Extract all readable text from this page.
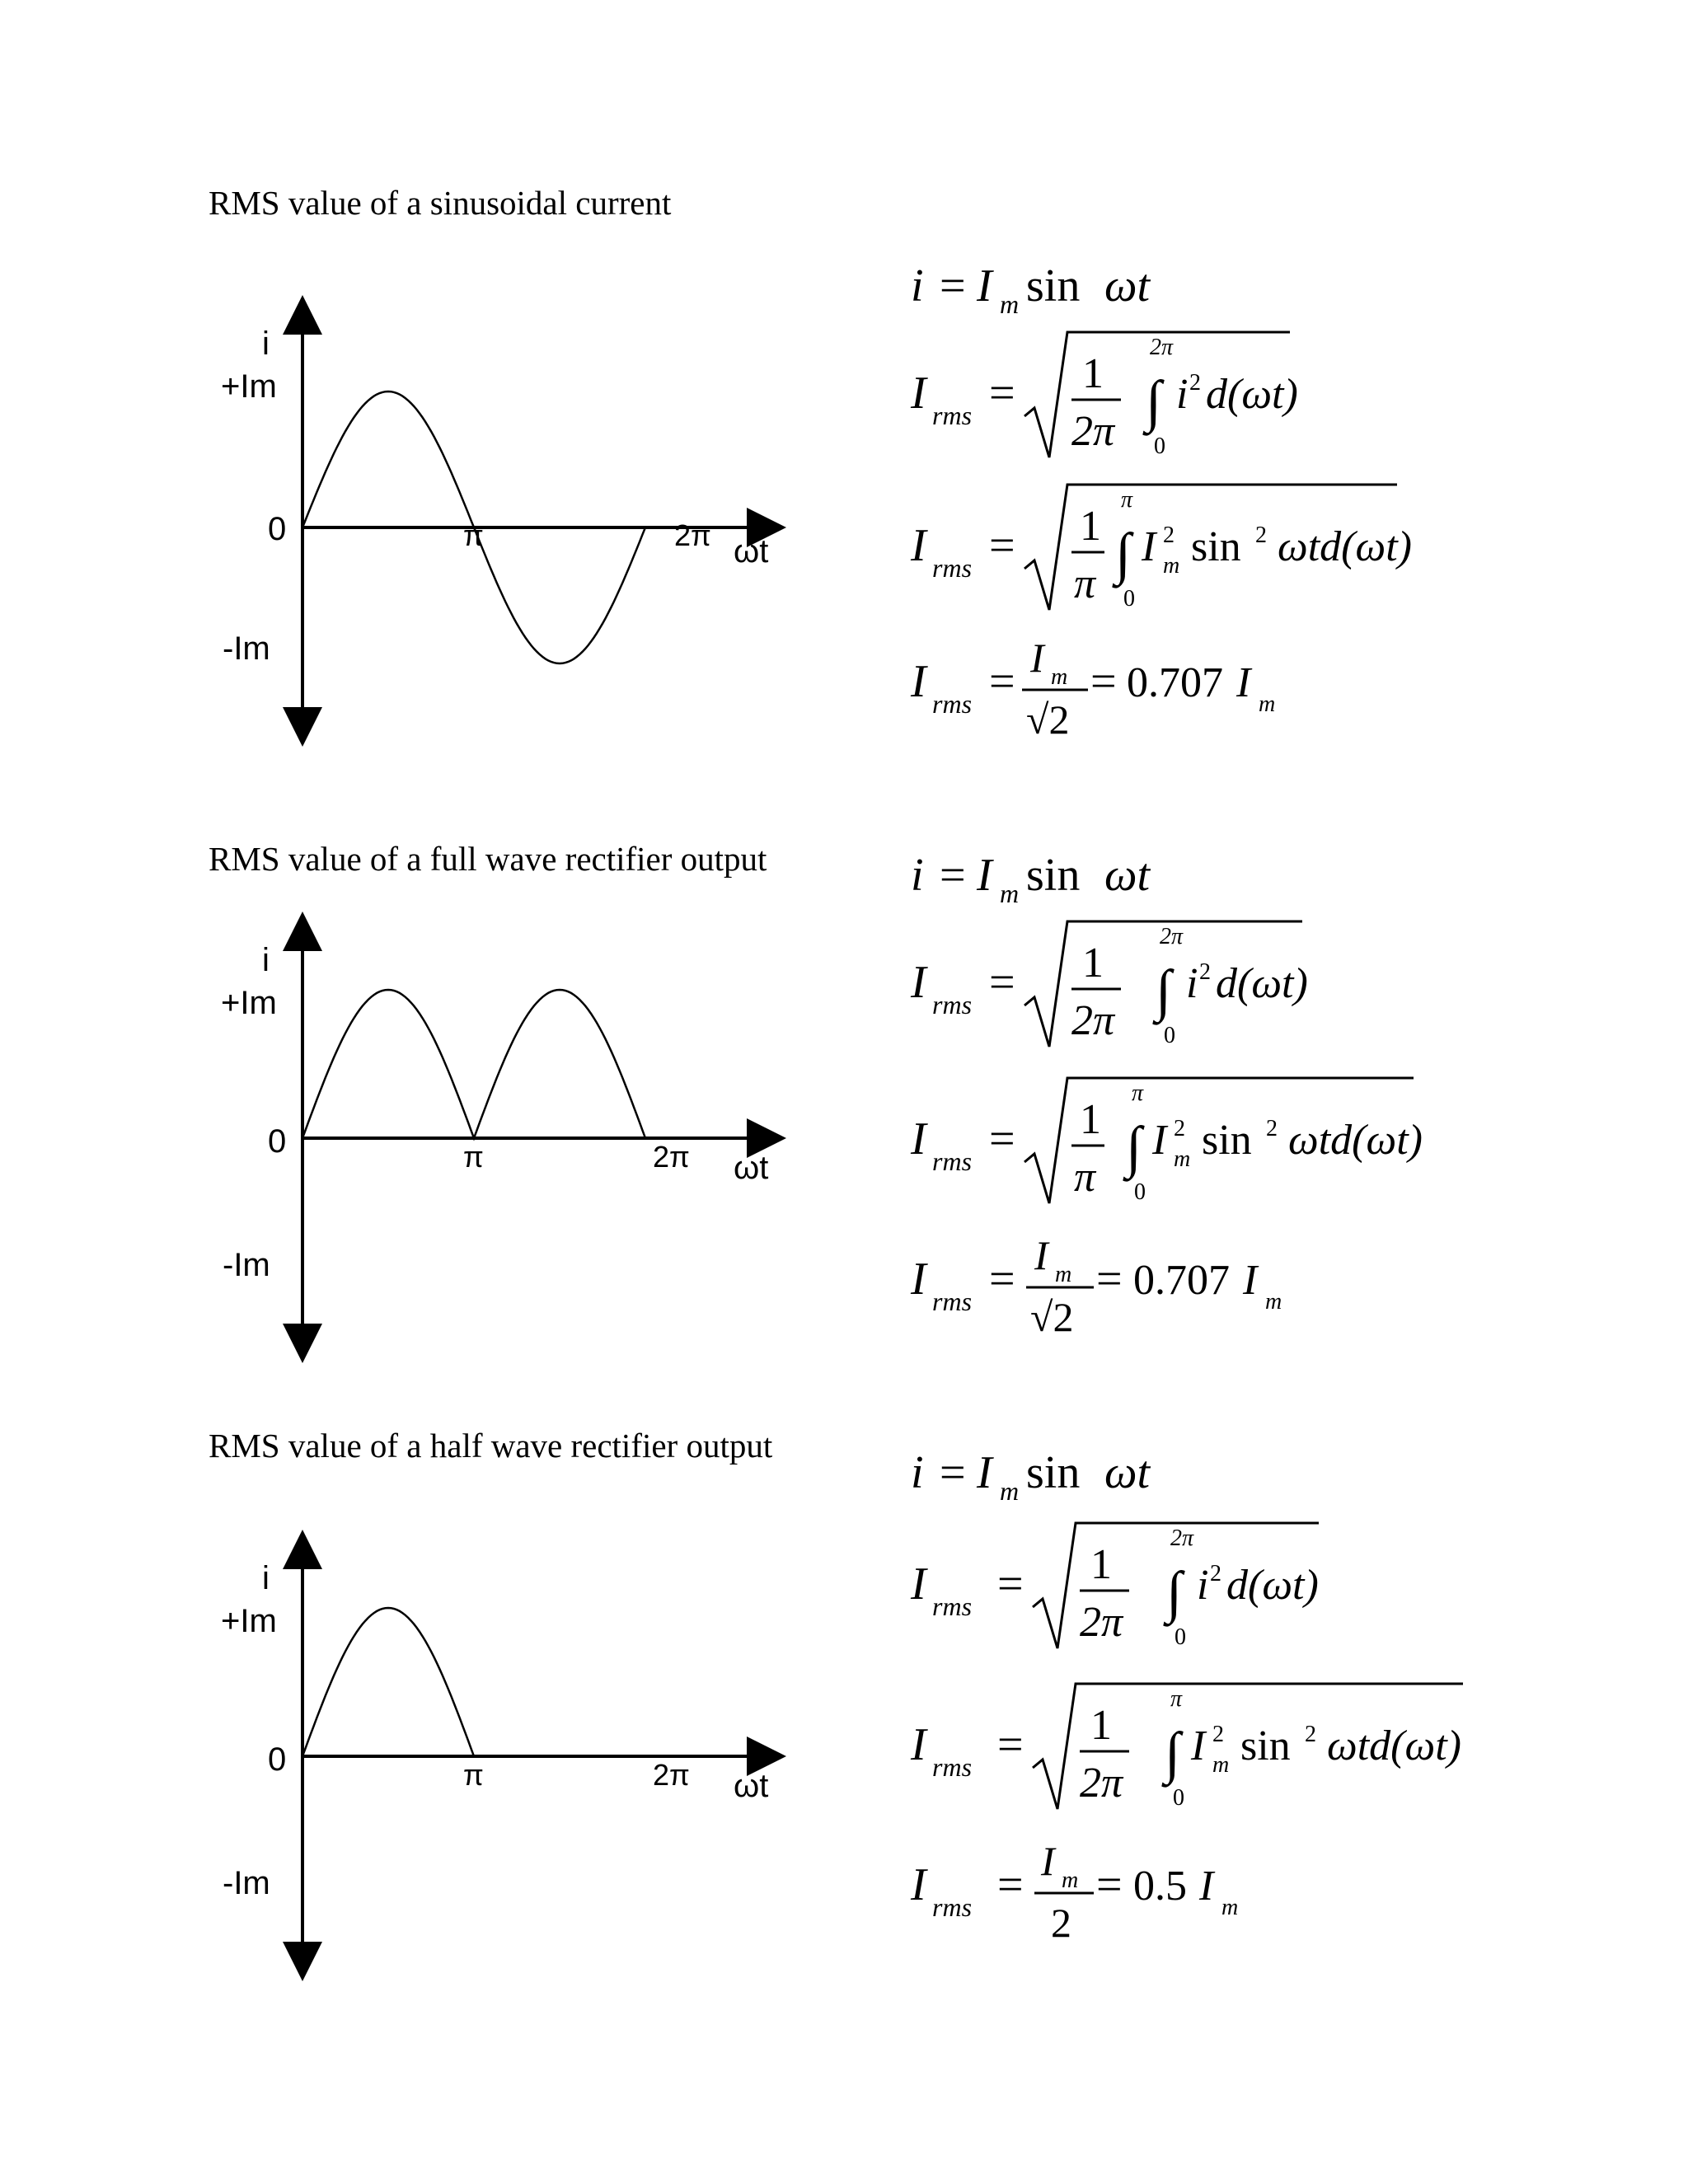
RMS value of a sinusoidal current
i
+Im
0
-Im
π	2π ωt
i = I m sin ωt
I rms = 1
2π
2π
∫
0
i 2 d(ωt)
I rms = 1
π
π
∫
0
I 2
m sin 2 ωtd(ωt)
I rms = I m
√2
= 0.707 I m
RMS value of a full wave rectifier output
i
+Im
0
-Im
π	2π ωt
i = I m sin ωt
I rms = 1
2π
2π
∫
0
i 2 d(ωt)
I rms = 1
π
π
∫
0
I 2
m sin 2 ωtd(ωt)
I rms = I m
√2
= 0.707 I m
RMS value of a half wave rectifier output
i
+Im
0
-Im
π	2π ωt
i = I m sin ωt
I rms = 1
2π
2π
∫
0
i 2 d(ωt)
I rms = 1
2π
π
∫
0
I 2
m sin 2 ωtd(ωt)
I rms = I m
2
= 0.5 I m
